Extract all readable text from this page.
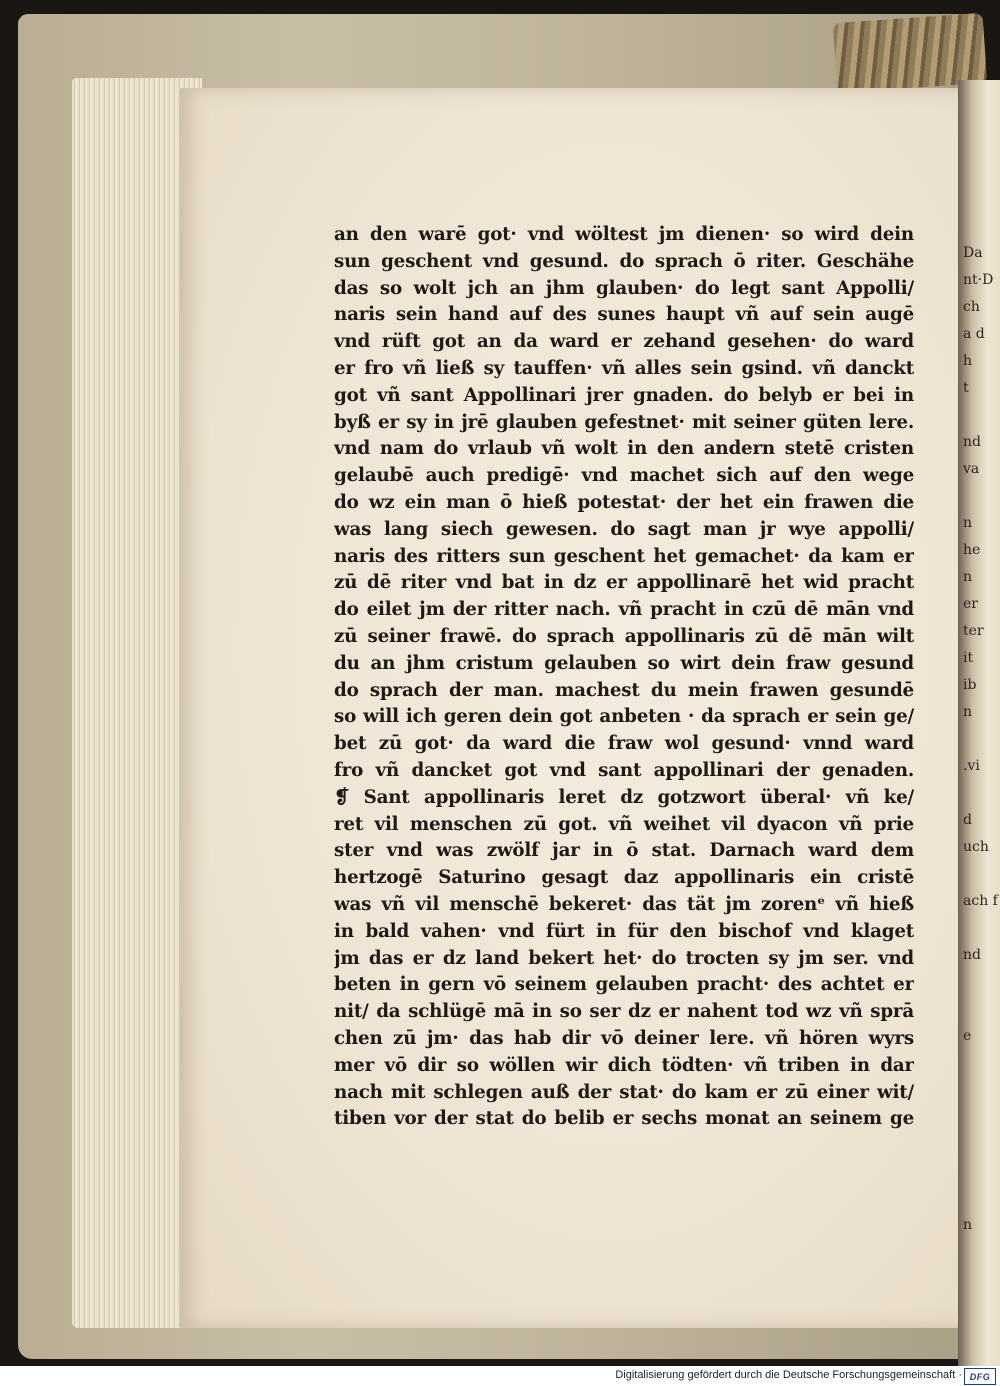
Da
nt·D
ch
a d
h
t
nd
va
n
he
n
er
ter
it
ib
n
.vi
d
uch
ach f
nd
e
n
an den warē got· vnd wöltest jm dienen· so wird dein
sun geschent vnd gesund. do sprach ō riter. Geschähe
das so wolt jch an jhm glauben· do legt sant Appolli/
naris sein hand auf des sunes haupt vñ auf sein augē
vnd rüft got an da ward er zehand gesehen· do ward
er fro vñ ließ sy tauffen· vñ alles sein gsind. vñ danckt
got vñ sant Appollinari jrer gnaden. do belyb er bei in
byß er sy in jrē glauben gefestnet· mit seiner güten lere.
vnd nam do vrlaub vñ wolt in den andern stetē cristen
gelaubē auch predigē· vnd machet sich auf den wege
do wz ein man ō hieß potestat· der het ein frawen die
was lang siech gewesen. do sagt man jr wye appolli/
naris des ritters sun geschent het gemachet· da kam er
zū dē riter vnd bat in dz er appollinarē het wid pracht
do eilet jm der ritter nach. vñ pracht in czū dē mān vnd
zū seiner frawē. do sprach appollinaris zū dē mān wilt
du an jhm cristum gelauben so wirt dein fraw gesund
do sprach der man. machest du mein frawen gesundē
so will ich geren dein got anbeten · da sprach er sein ge/
bet zū got· da ward die fraw wol gesund· vnnd ward
fro vñ dancket got vnd sant appollinari der genaden.
❡ Sant appollinaris leret dz gotzwort überal· vñ ke/
ret vil menschen zū got. vñ weihet vil dyacon vñ prie
ster vnd was zwölf jar in ō stat. Darnach ward dem
hertzogē Saturino gesagt daz appollinaris ein cristē
was vñ vil menschē bekeret· das tät jm zorenᵉ vñ hieß
in bald vahen· vnd fürt in für den bischof vnd klaget
jm das er dz land bekert het· do trocten sy jm ser. vnd
beten in gern vō seinem gelauben pracht· des achtet er
nit/ da schlügē mā in so ser dz er nahent tod wz vñ sprā
chen zū jm· das hab dir vō deiner lere. vñ hören wyrs
mer vō dir so wöllen wir dich tödten· vñ triben in dar
nach mit schlegen auß der stat· do kam er zū einer wit/
tiben vor der stat do belib er sechs monat an seinem ge
Digitalisierung gefördert durch die Deutsche Forschungsgemeinschaft · DFG
